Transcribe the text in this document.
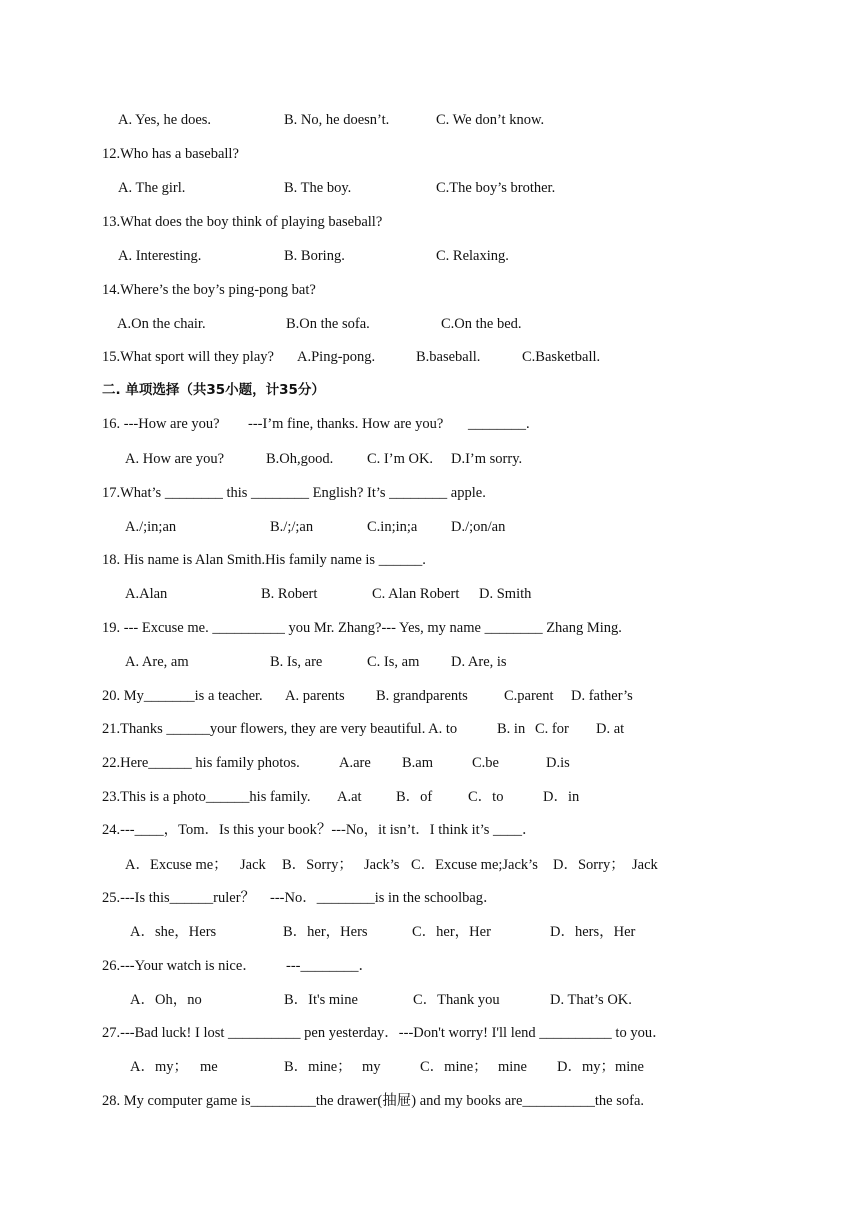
A. Yes, he does.	B. No, he doesn’t.	C. We don’t know.
12.Who has a baseball?
A. The girl.	B. The boy.	C.The boy’s brother.
13.What does the boy think of playing baseball?
A. Interesting.	B. Boring.	C. Relaxing.
14.Where’s the boy’s ping-pong bat?
A.On the chair.	B.On the sofa.	C.On the bed.
15.What sport will they play? A.Ping-pong.	B.baseball.	C.Basketball.
二. 单项选择（共35小题，计35分）
16. ---How are you? ---I’m fine, thanks. How are you? ________.
A. How are you?	B.Oh,good. C. I’m OK. D.I’m sorry.
17.What’s ________ this ________ English? It’s ________ apple.
A./;in;an	B./;/;an	C.in;in;a D./;on/an
18. His name is Alan Smith.His family name is ______.
A.Alan	B. Robert	C. Alan Robert D. Smith
19. --- Excuse me. __________ you Mr. Zhang?--- Yes, my name ________ Zhang Ming.
A. Are, am	B. Is, are	C. Is, am D. Are, is
20. My_______is a teacher. A. parents B. grandparents C.parent D. father’s
21.Thanks ______your flowers, they are very beautiful. A. to	B. in C. for D. at
22.Here______ his family photos.	A.are B.am	C.be	D.is
23.This is a photo______his family. A.at B．of C．to	D．in
24.---____，Tom．Is this your book？---No，it isn’t．I think it’s ____．
A．Excuse me； Jack B．Sorry； Jack’s C．Excuse me;Jack’s D．Sorry； Jack
25.---Is this______ruler？ ---No．________is in the schoolbag．
A．she，Hers	B．her，Hers	C．her，Her	D．hers，Her
26.---Your watch is nice． ---________．
A．Oh，no	B．It's mine	C．Thank you	D. That’s OK.
27.---Bad luck! I lost __________ pen yesterday．---Don't worry! I'll lend __________ to you．
A．my； me	B．mine； my	C．mine； mine D．my；mine
28. My computer game is_________the drawer(抽屉) and my books are__________the sofa.
